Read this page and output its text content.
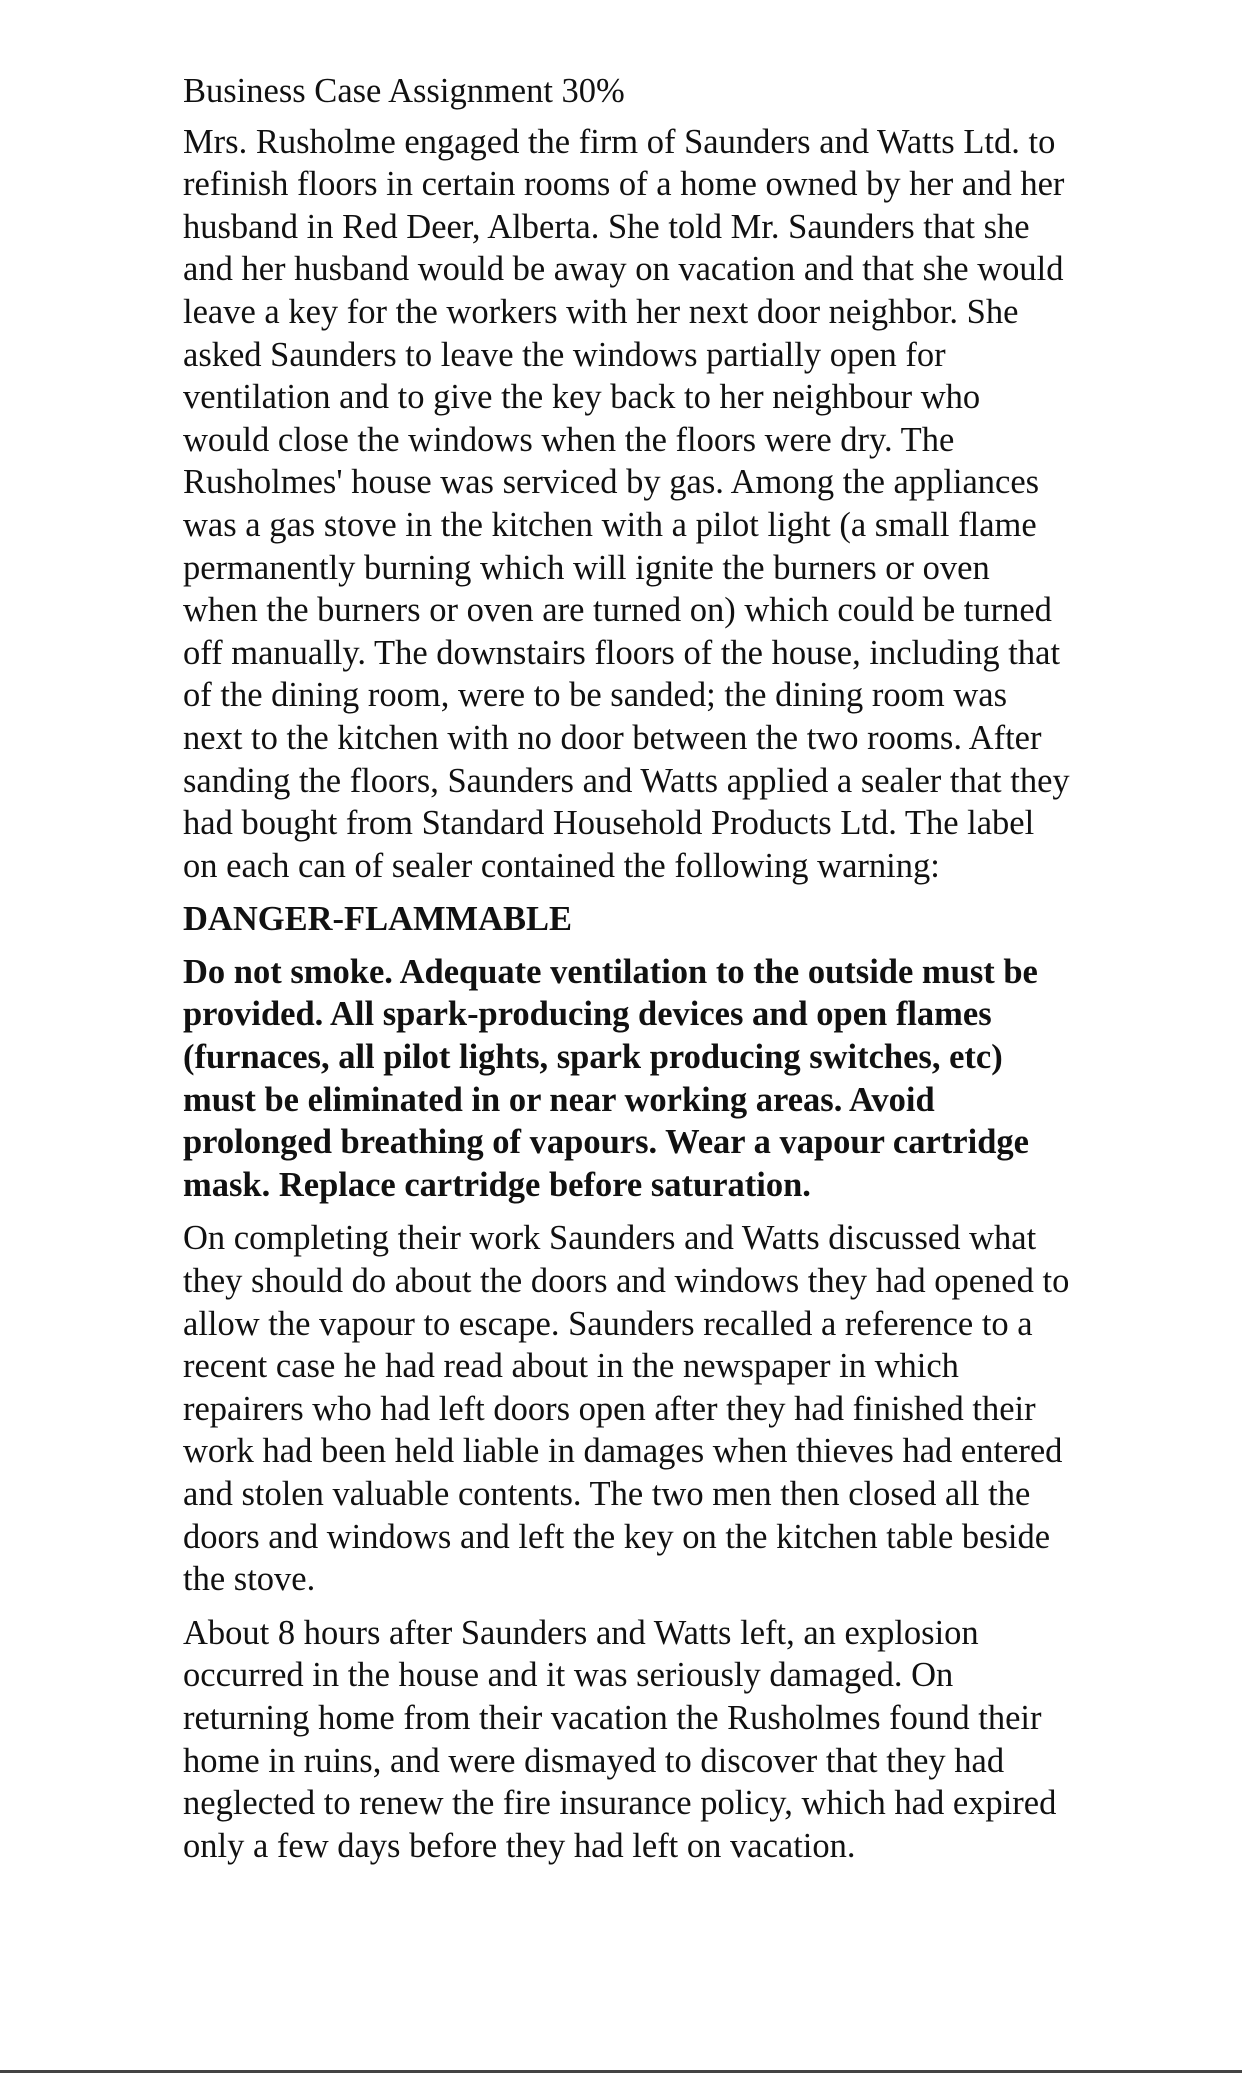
Business Case Assignment 30%

Mrs. Rusholme engaged the firm of Saunders and Watts Ltd. to refinish floors in certain rooms of a home owned by her and her husband in Red Deer, Alberta. She told Mr. Saunders that she and her husband would be away on vacation and that she would leave a key for the workers with her next door neighbor. She asked Saunders to leave the windows partially open for ventilation and to give the key back to her neighbour who would close the windows when the floors were dry. The Rusholmes' house was serviced by gas. Among the appliances was a gas stove in the kitchen with a pilot light (a small flame permanently burning which will ignite the burners or oven when the burners or oven are turned on) which could be turned off manually. The downstairs floors of the house, including that of the dining room, were to be sanded; the dining room was next to the kitchen with no door between the two rooms. After sanding the floors, Saunders and Watts applied a sealer that they had bought from Standard Household Products Ltd. The label on each can of sealer contained the following warning:

DANGER-FLAMMABLE

Do not smoke. Adequate ventilation to the outside must be provided. All spark-producing devices and open flames (furnaces, all pilot lights, spark producing switches, etc) must be eliminated in or near working areas. Avoid prolonged breathing of vapours. Wear a vapour cartridge mask. Replace cartridge before saturation.

On completing their work Saunders and Watts discussed what they should do about the doors and windows they had opened to allow the vapour to escape. Saunders recalled a reference to a recent case he had read about in the newspaper in which repairers who had left doors open after they had finished their work had been held liable in damages when thieves had entered and stolen valuable contents. The two men then closed all the doors and windows and left the key on the kitchen table beside the stove.

About 8 hours after Saunders and Watts left, an explosion occurred in the house and it was seriously damaged. On returning home from their vacation the Rusholmes found their home in ruins, and were dismayed to discover that they had neglected to renew the fire insurance policy, which had expired only a few days before they had left on vacation.
